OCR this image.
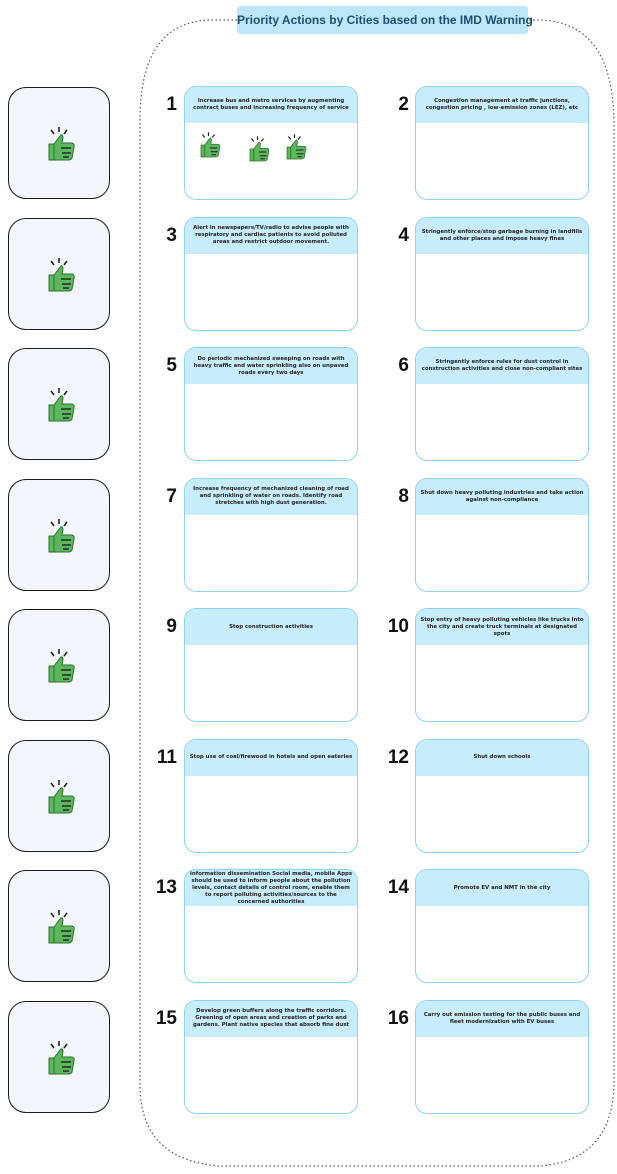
Priority Actions by Cities based on the IMD Warning
1	Increase bus and metro services by augmenting contract buses and increasing frequency of service	2	Congestion management at traffic junctions, congestion pricing , low-emission zones (LEZ), etc
3	Alert in newspapers/TV/radio to advise people with respiratory and cardiac patients to avoid polluted areas and restrict outdoor movement.	4	Stringently enforce/stop garbage burning in landfills and other places and impose heavy fines
5	Do periodic mechanized sweeping on roads with heavy traffic and water sprinkling also on unpaved roads every two days	6	Stringently enforce rules for dust control in construction activities and close non-compliant sites
7	Increase frequency of mechanized cleaning of road and sprinkling of water on roads. Identify road stretches with high dust generation.	8	Shut down heavy polluting industries and take action against non-compliance
9	Stop construction activities	10	Stop entry of heavy polluting vehicles like trucks into the city and create truck terminals at designated spots
11	Stop use of coal/firewood in hotels and open eateries	12	Shut down schools
13
Information dissemination Social media, mobile Apps should be used to inform people about the pollution levels, contact details of control room, enable them to report polluting activities/sources to the concerned authorities
14	Promote EV and NMT in the city
15	Develop green buffers along the traffic corridors. Greening of open areas and creation of parks and gardens. Plant native species that absorb fine dust	16	Carry out emission testing for the public buses and fleet modernization with EV buses
